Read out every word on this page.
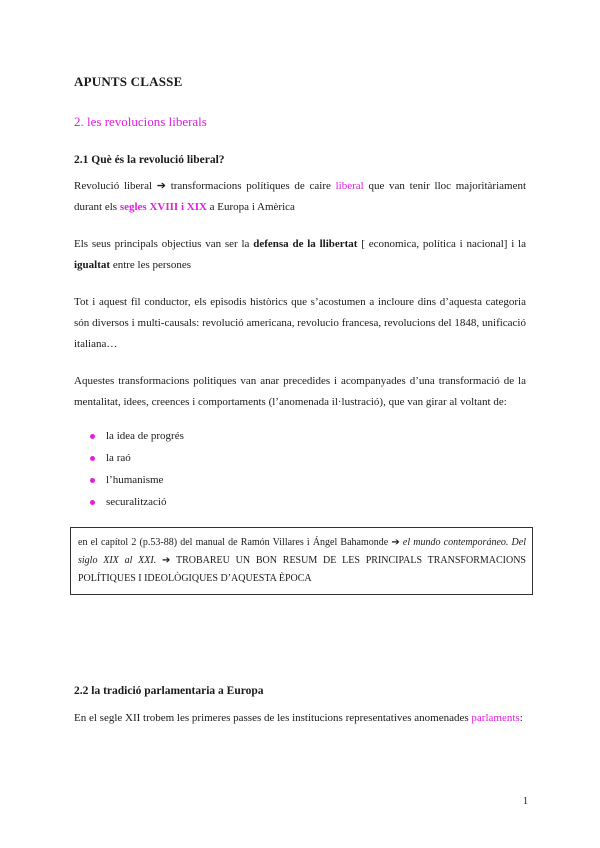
APUNTS CLASSE
2. les revolucions liberals
2.1 Què és la revolució liberal?
Revolució liberal ➔ transformacions polítiques de caire liberal que van tenir lloc majoritàriament durant els segles XVIII i XIX a Europa i Amèrica
Els seus principals objectius van ser la defensa de la llibertat [ economica, política i nacional] i la igualtat entre les persones
Tot i aquest fil conductor, els episodis històrics que s’acostumen a incloure dins d’aquesta categoria són diversos i multi-causals: revolució americana, revolucio francesa, revolucions del 1848, unificació italiana…
Aquestes transformacions politiques van anar precedides i acompanyades d’una transformació de la mentalitat, idees, creences i comportaments (l’anomenada il·lustració), que van girar al voltant de:
la idea de progrés
la raó
l’humanisme
securalització
en el capítol 2 (p.53-88) del manual de Ramón Villares i Ángel Bahamonde ➔ el mundo contemporáneo. Del siglo XIX al XXI. ➔ TROBAREU UN BON RESUM DE LES PRINCIPALS TRANSFORMACIONS POLÍTIQUES I IDEOLÒGIQUES D’AQUESTA ÈPOCA
2.2 la tradició parlamentaria a Europa
En el segle XII trobem les primeres passes de les institucions representatives anomenades parlaments:
1
